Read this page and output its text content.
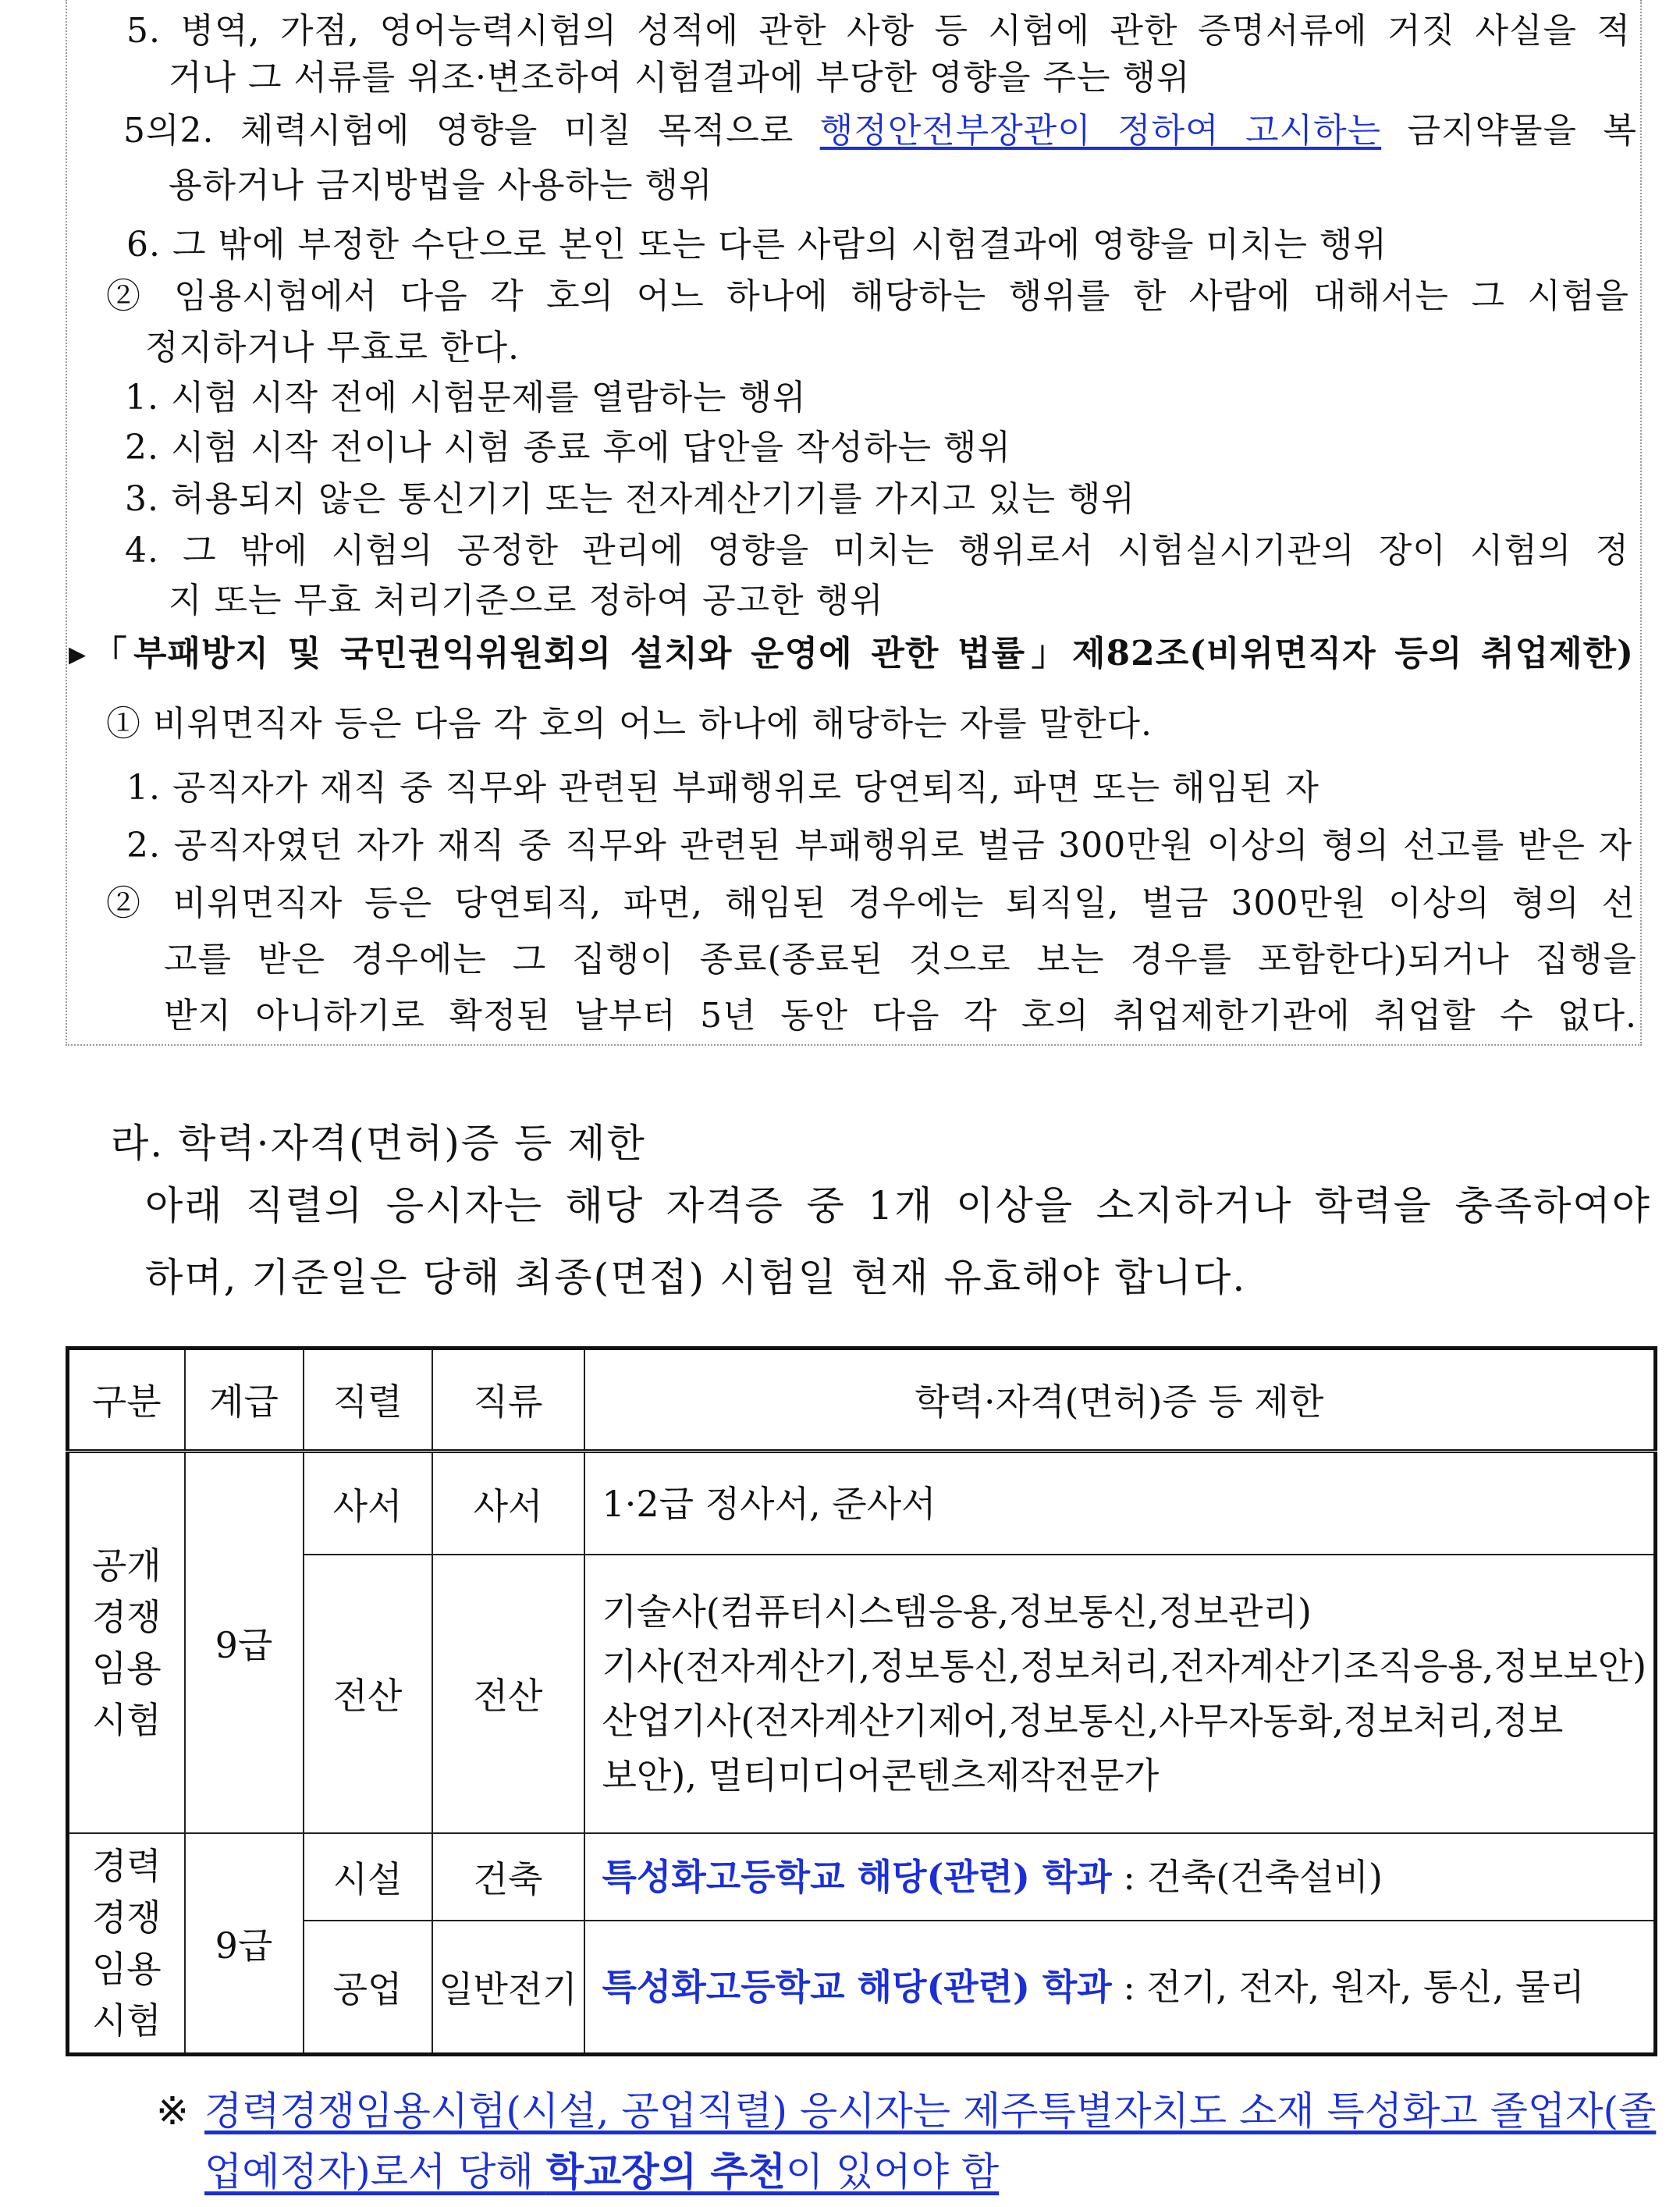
5. 병역, 가점, 영어능력시험의 성적에 관한 사항 등 시험에 관한 증명서류에 거짓 사실을 적
거나 그 서류를 위조·변조하여 시험결과에 부당한 영향을 주는 행위
5의2. 체력시험에 영향을 미칠 목적으로 행정안전부장관이 정하여 고시하는 금지약물을 복
용하거나 금지방법을 사용하는 행위
6. 그 밖에 부정한 수단으로 본인 또는 다른 사람의 시험결과에 영향을 미치는 행위
② 임용시험에서 다음 각 호의 어느 하나에 해당하는 행위를 한 사람에 대해서는 그 시험을
정지하거나 무효로 한다.
1. 시험 시작 전에 시험문제를 열람하는 행위
2. 시험 시작 전이나 시험 종료 후에 답안을 작성하는 행위
3. 허용되지 않은 통신기기 또는 전자계산기기를 가지고 있는 행위
4. 그 밖에 시험의 공정한 관리에 영향을 미치는 행위로서 시험실시기관의 장이 시험의 정
지 또는 무효 처리기준으로 정하여 공고한 행위
▸「부패방지 및 국민권익위원회의 설치와 운영에 관한 법률」제82조(비위면직자 등의 취업제한)
① 비위면직자 등은 다음 각 호의 어느 하나에 해당하는 자를 말한다.
1. 공직자가 재직 중 직무와 관련된 부패행위로 당연퇴직, 파면 또는 해임된 자
2. 공직자였던 자가 재직 중 직무와 관련된 부패행위로 벌금 300만원 이상의 형의 선고를 받은 자
② 비위면직자 등은 당연퇴직, 파면, 해임된 경우에는 퇴직일, 벌금 300만원 이상의 형의 선
고를 받은 경우에는 그 집행이 종료(종료된 것으로 보는 경우를 포함한다)되거나 집행을
받지 아니하기로 확정된 날부터 5년 동안 다음 각 호의 취업제한기관에 취업할 수 없다.
라. 학력·자격(면허)증 등 제한
아래 직렬의 응시자는 해당 자격증 중 1개 이상을 소지하거나 학력을 충족하여야
하며, 기준일은 당해 최종(면접) 시험일 현재 유효해야 합니다.
구분	계급	직렬	직류	학력·자격(면허)증 등 제한

공개
경쟁
임용
시험	9급	사서	사서	1·2급 정사서, 준사서
		전산	전산	기술사(컴퓨터시스템응용,정보통신,정보관리)
기사(전자계산기,정보통신,정보처리,전자계산기조직응용,정보보안)
산업기사(전자계산기제어,정보통신,사무자동화,정보처리,정보
보안), 멀티미디어콘텐츠제작전문가

경력
경쟁
임용
시험	9급	시설	건축	특성화고등학교 해당(관련) 학과 : 건축(건축설비)
		공업	일반전기	특성화고등학교 해당(관련) 학과 : 전기, 전자, 원자, 통신, 물리
※ 경력경쟁임용시험(시설, 공업직렬) 응시자는 제주특별자치도 소재 특성화고 졸업자(졸
업예정자)로서 당해 학교장의 추천이 있어야 함
